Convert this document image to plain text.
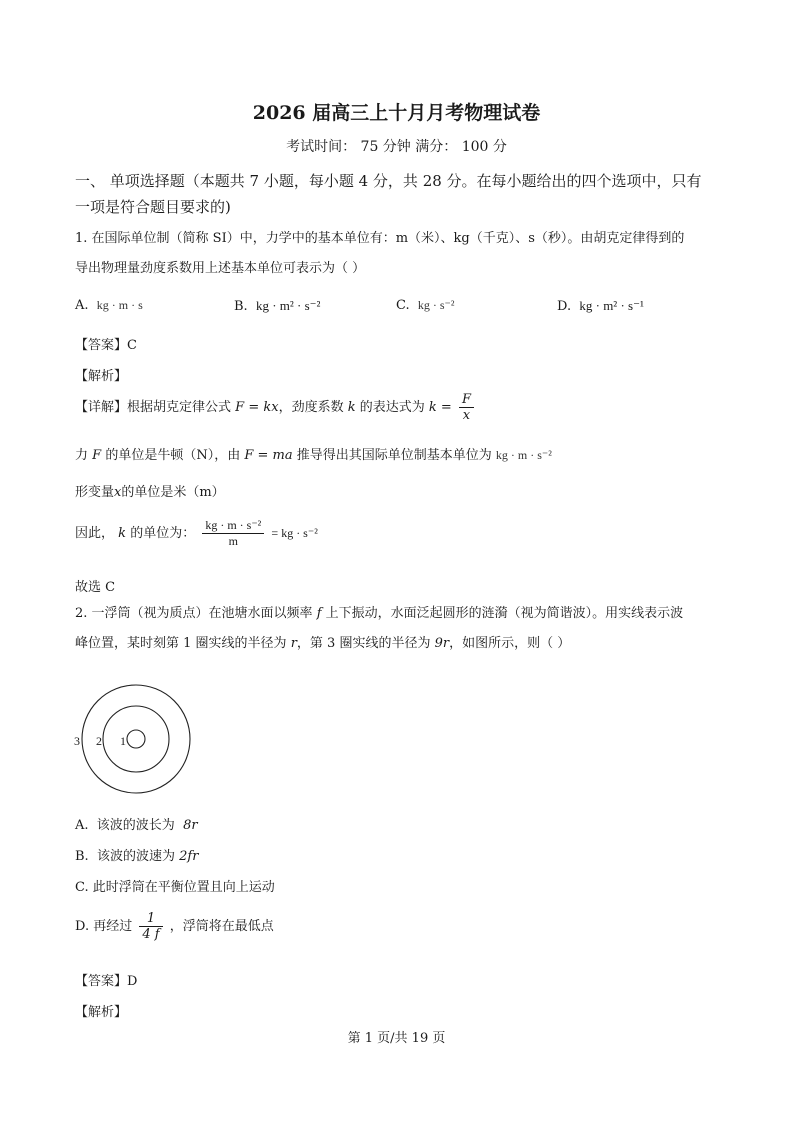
2026 届高三上十月月考物理试卷
考试时间： 75 分钟 满分： 100 分
一、 单项选择题（本题共 7 小题，每小题 4 分，共 28 分。在每小题给出的四个选项中，只有
一项是符合题目要求的)
1. 在国际单位制（简称 SI）中，力学中的基本单位有：m（米）、kg（千克）、s（秒）。由胡克定律得到的
导出物理量劲度系数用上述基本单位可表示为（ ）
A. kg · m · s	B. kg · m² · s⁻²	C. kg · s⁻²	D. kg · m² · s⁻¹
【答案】C
【解析】
【详解】根据胡克定律公式 F = kx，劲度系数 k 的表达式为 $k = \frac{F}{x}$
力 F 的单位是牛顿（N），由 F = ma 推导得出其国际单位制基本单位为 kg · m · s⁻²
形变量x的单位是米（m）
因此， k 的单位为： $\frac{\text{kg · m · s⁻²}}{m}$ = kg · s⁻²
故选 C
2. 一浮筒（视为质点）在池塘水面以频率 f 上下振动，水面泛起圆形的涟漪（视为简谐波）。用实线表示波
峰位置，某时刻第 1 圈实线的半径为 r，第 3 圈实线的半径为 9r，如图所示，则（ ）
3 2 1
A. 该波的波长为 8r
B. 该波的波速为 2fr
C. 此时浮筒在平衡位置且向上运动
D. 再经过 $\frac{1}{4 f}$ ，浮筒将在最低点
【答案】D
【解析】
第 1 页/共 19 页
